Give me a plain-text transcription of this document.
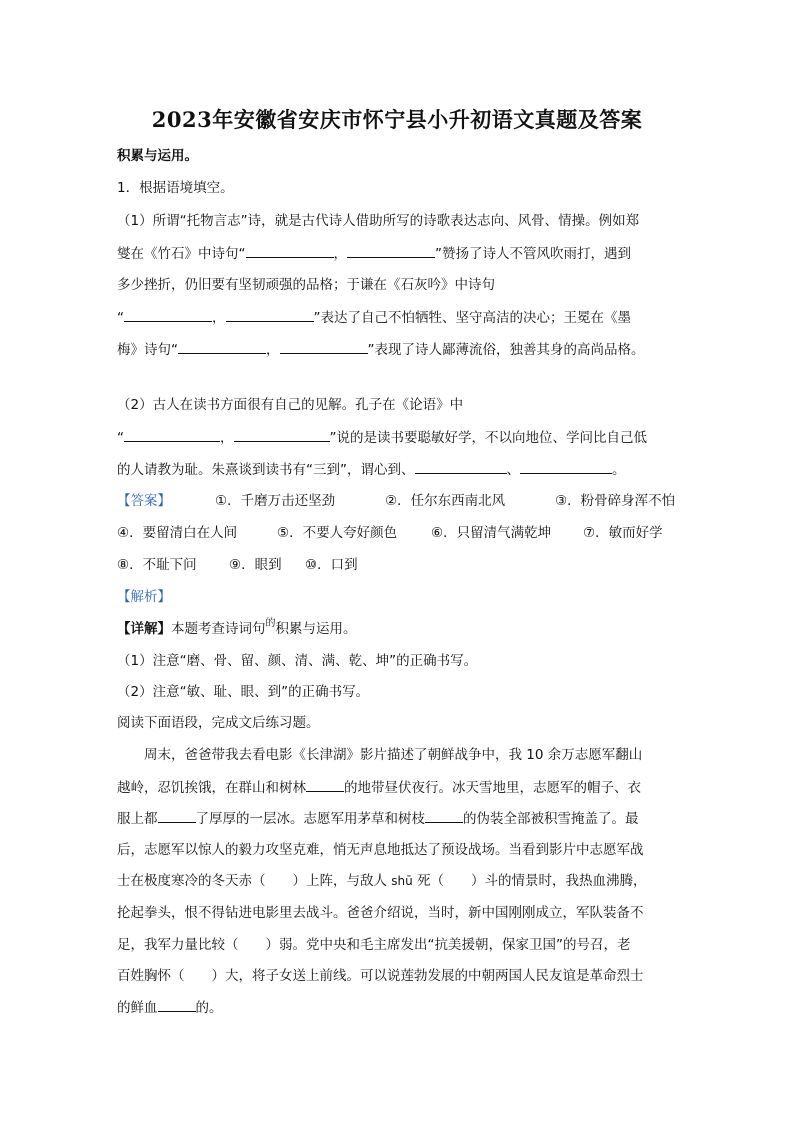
2023年安徽省安庆市怀宁县小升初语文真题及答案
积累与运用。
1．根据语境填空。
（1）所谓“托物言志”诗，就是古代诗人借助所写的诗歌表达志向、风骨、情操。例如郑
燮在《竹石》中诗句“	，	”赞扬了诗人不管风吹雨打，遇到
多少挫折，仍旧要有坚韧顽强的品格；于谦在《石灰吟》中诗句
“	，	”表达了自己不怕牺牲、坚守高洁的决心；王冕在《墨
梅》诗句“	，	”表现了诗人鄙薄流俗，独善其身的高尚品格。
（2）古人在读书方面很有自己的见解。孔子在《论语》中
“	，	”说的是读书要聪敏好学，不以向地位、学问比自己低
的人请教为耻。朱熹谈到读书有“三到”，谓心到、	、	。
【答案】	①．千磨万击还坚劲	②．任尔东西南北风	③．粉骨碎身浑不怕
④．要留清白在人间	⑤．不要人夸好颜色	⑥．只留清气满乾坤 ⑦．敏而好学
⑧．不耻下问 ⑨．眼到 ⑩．口到
【解析】
【详解】本题考查诗词句$^的$积累与运用。
（1）注意“磨、骨、留、颜、清、满、乾、坤”的正确书写。
（2）注意“敏、耻、眼、到”的正确书写。
阅读下面语段，完成文后练习题。
周末，爸爸带我去看电影《长津湖》影片描述了朝鲜战争中，我 10 余万志愿军翻山
越岭，忍饥挨饿，在群山和树林	的地带昼伏夜行。冰天雪地里，志愿军的帽子、衣
服上都	了厚厚的一层冰。志愿军用茅草和树枝	的伪装全部被积雪掩盖了。最
后，志愿军以惊人的毅力攻坚克难，悄无声息地抵达了预设战场。当看到影片中志愿军战
士在极度寒冷的冬天赤（　　）上阵，与敌人 shū 死（　　）斗的情景时，我热血沸腾，
抡起拳头，恨不得钻进电影里去战斗。爸爸介绍说，当时，新中国刚刚成立，军队装备不
足，我军力量比较（　　）弱。党中央和毛主席发出“抗美援朝，保家卫国”的号召，老
百姓胸怀（　　）大，将子女送上前线。可以说莲勃发展的中朝两国人民友谊是革命烈士
的鲜血	的。
